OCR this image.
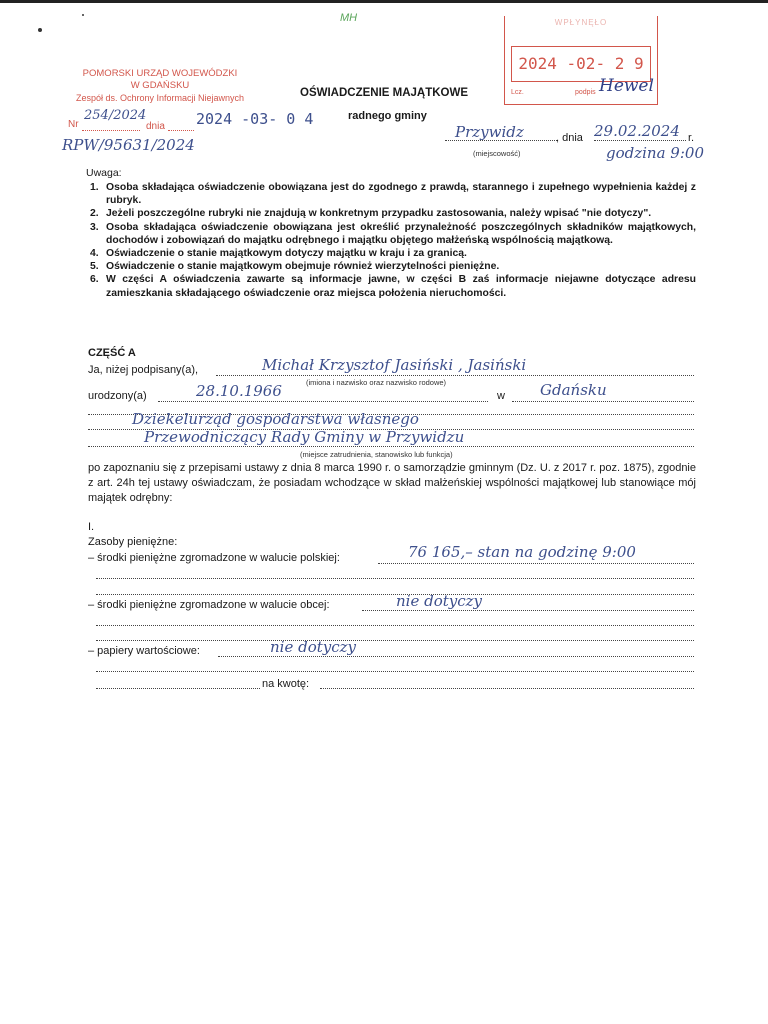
MH
POMORSKI URZĄD WOJEWÓDZKI
W GDAŃSKU
Zespół ds. Ochrony Informacji Niejawnych
Nr
254/2024
dnia 2024 -03- 0 4
RPW/95631/2024
WPŁYNĘŁO
2024 -02- 2 9
Lcz.	podpis Hewel
OŚWIADCZENIE MAJĄTKOWE
radnego gminy
Przywidz
(miejscowość)
, dnia 29.02.2024 r.
godzina 9:00
Uwaga:
1. Osoba składająca oświadczenie obowiązana jest do zgodnego z prawdą, starannego i zupełnego wypełnienia każdej z rubryk.
2. Jeżeli poszczególne rubryki nie znajdują w konkretnym przypadku zastosowania, należy wpisać "nie dotyczy".
3. Osoba składająca oświadczenie obowiązana jest określić przynależność poszczególnych składników majątkowych, dochodów i zobowiązań do majątku odrębnego i majątku objętego małżeńską wspólnością majątkową.
4. Oświadczenie o stanie majątkowym dotyczy majątku w kraju i za granicą.
5. Oświadczenie o stanie majątkowym obejmuje również wierzytelności pieniężne.
6. W części A oświadczenia zawarte są informacje jawne, w części B zaś informacje niejawne dotyczące adresu zamieszkania składającego oświadczenie oraz miejsca położenia nieruchomości.
CZĘŚĆ A
Ja, niżej podpisany(a),	Michał Krzysztof Jasiński , Jasiński
(imiona i nazwisko oraz nazwisko rodowe)
urodzony(a)	28.10.1966	w Gdańsku
Dziekelurząd gospodarstwa własnego
Przewodniczący Rady Gminy w Przywidzu
(miejsce zatrudnienia, stanowisko lub funkcja)
po zapoznaniu się z przepisami ustawy z dnia 8 marca 1990 r. o samorządzie gminnym (Dz. U. z 2017 r. poz. 1875), zgodnie z art. 24h tej ustawy oświadczam, że posiadam wchodzące w skład małżeńskiej wspólności majątkowej lub stanowiące mój majątek odrębny:
I.
Zasoby pieniężne:
– środki pieniężne zgromadzone w walucie polskiej:	76 165,– stan na godzinę 9:00
– środki pieniężne zgromadzone w walucie obcej:	nie dotyczy
– papiery wartościowe:	nie dotyczy
na kwotę:
